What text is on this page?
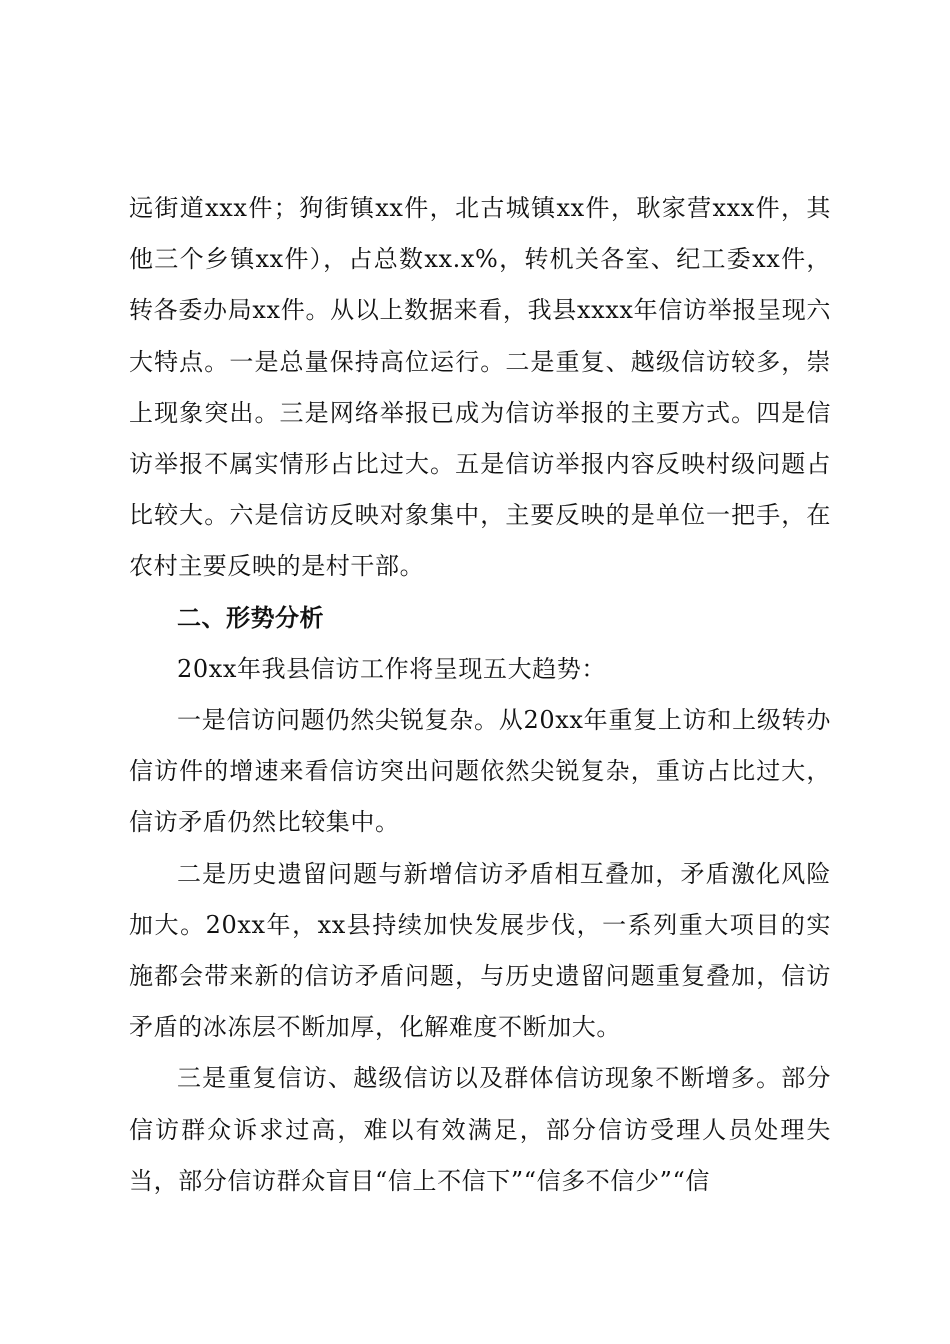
远街道xxx件；狗街镇xx件，北古城镇xx件，耿家营xxx件，其他三个乡镇xx件），占总数xx.x%，转机关各室、纪工委xx件，转各委办局xx件。从以上数据来看，我县xxxx年信访举报呈现六大特点。一是总量保持高位运行。二是重复、越级信访较多，崇上现象突出。三是网络举报已成为信访举报的主要方式。四是信访举报不属实情形占比过大。五是信访举报内容反映村级问题占比较大。六是信访反映对象集中，主要反映的是单位一把手，在农村主要反映的是村干部。

二、形势分析

20xx年我县信访工作将呈现五大趋势：

一是信访问题仍然尖锐复杂。从20xx年重复上访和上级转办信访件的增速来看信访突出问题依然尖锐复杂，重访占比过大，信访矛盾仍然比较集中。

二是历史遗留问题与新增信访矛盾相互叠加，矛盾激化风险加大。20xx年，xx县持续加快发展步伐，一系列重大项目的实施都会带来新的信访矛盾问题，与历史遗留问题重复叠加，信访矛盾的冰冻层不断加厚，化解难度不断加大。

三是重复信访、越级信访以及群体信访现象不断增多。部分信访群众诉求过高，难以有效满足，部分信访受理人员处理失当，部分信访群众盲目“信上不信下”“信多不信少”“信
